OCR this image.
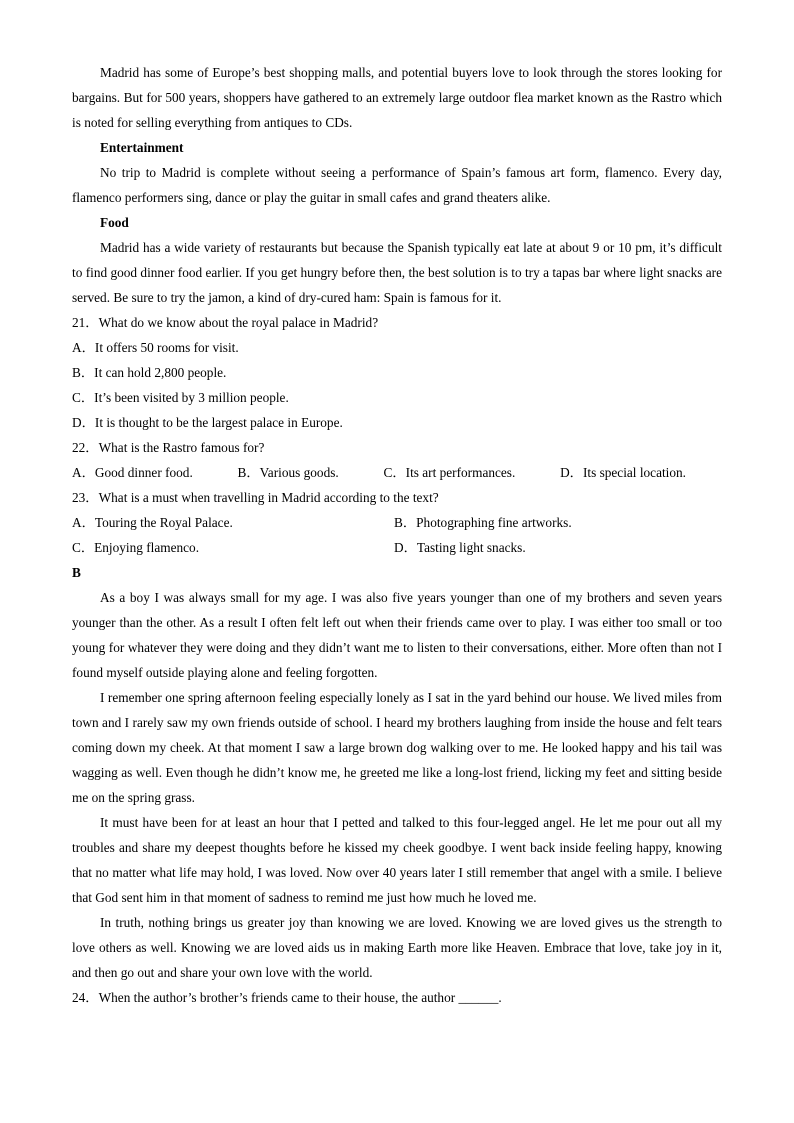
Madrid has some of Europe’s best shopping malls, and potential buyers love to look through the stores looking for bargains. But for 500 years, shoppers have gathered to an extremely large outdoor flea market known as the Rastro which is noted for selling everything from antiques to CDs.

Entertainment

No trip to Madrid is complete without seeing a performance of Spain’s famous art form, flamenco. Every day, flamenco performers sing, dance or play the guitar in small cafes and grand theaters alike.

Food

Madrid has a wide variety of restaurants but because the Spanish typically eat late at about 9 or 10 pm, it’s difficult to find good dinner food earlier. If you get hungry before then, the best solution is to try a tapas bar where light snacks are served. Be sure to try the jamon, a kind of dry-cured ham: Spain is famous for it.

21．What do we know about the royal palace in Madrid?

A．It offers 50 rooms for visit.

B．It can hold 2,800 people.

C．It’s been visited by 3 million people.

D．It is thought to be the largest palace in Europe.

22．What is the Rastro famous for?

A．Good dinner food.	B．Various goods.	C．Its art performances.	D．Its special location.

23．What is a must when travelling in Madrid according to the text?

A．Touring the Royal Palace.	B．Photographing fine artworks.
C．Enjoying flamenco.	D．Tasting light snacks.

B

As a boy I was always small for my age. I was also five years younger than one of my brothers and seven years younger than the other. As a result I often felt left out when their friends came over to play. I was either too small or too young for whatever they were doing and they didn’t want me to listen to their conversations, either. More often than not I found myself outside playing alone and feeling forgotten.

I remember one spring afternoon feeling especially lonely as I sat in the yard behind our house. We lived miles from town and I rarely saw my own friends outside of school. I heard my brothers laughing from inside the house and felt tears coming down my cheek. At that moment I saw a large brown dog walking over to me. He looked happy and his tail was wagging as well. Even though he didn’t know me, he greeted me like a long-lost friend, licking my feet and sitting beside me on the spring grass.

It must have been for at least an hour that I petted and talked to this four-legged angel. He let me pour out all my troubles and share my deepest thoughts before he kissed my cheek goodbye. I went back inside feeling happy, knowing that no matter what life may hold, I was loved. Now over 40 years later I still remember that angel with a smile. I believe that God sent him in that moment of sadness to remind me just how much he loved me.

In truth, nothing brings us greater joy than knowing we are loved. Knowing we are loved gives us the strength to love others as well. Knowing we are loved aids us in making Earth more like Heaven. Embrace that love, take joy in it, and then go out and share your own love with the world.

24．When the author’s brother’s friends came to their house, the author ______.
